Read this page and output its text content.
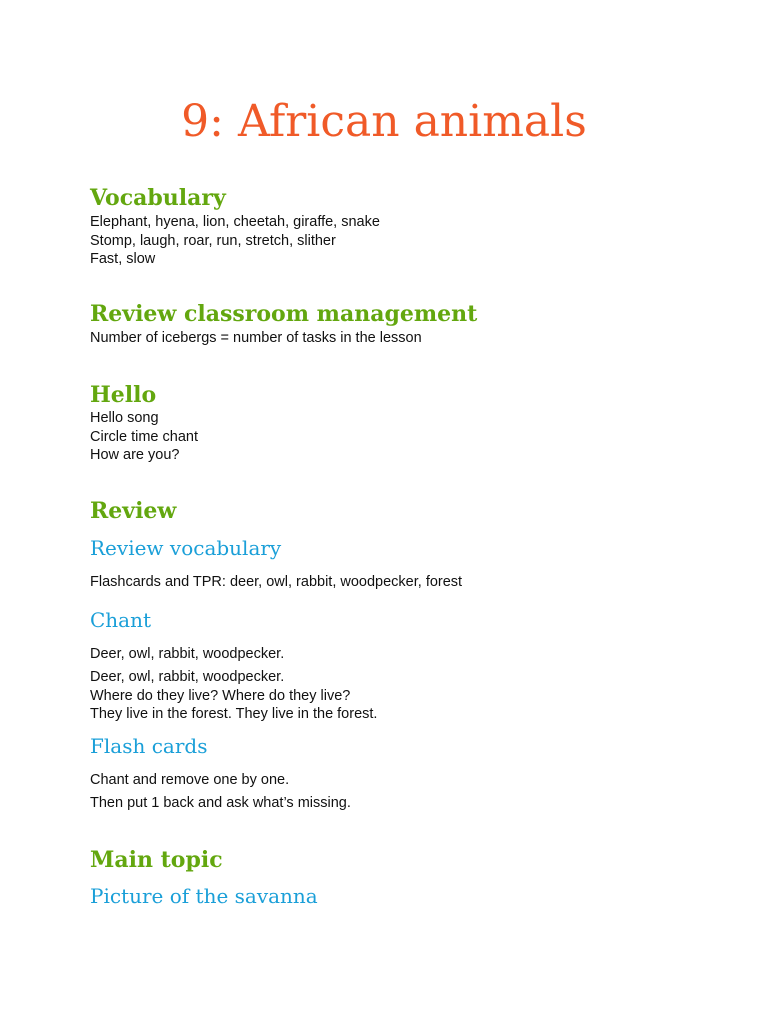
9: African animals
Vocabulary
Elephant, hyena, lion, cheetah, giraffe, snake
Stomp, laugh, roar, run, stretch, slither
Fast, slow
Review classroom management
Number of icebergs = number of tasks in the lesson
Hello
Hello song
Circle time chant
How are you?
Review
Review vocabulary
Flashcards and TPR: deer, owl, rabbit, woodpecker, forest
Chant
Deer, owl, rabbit, woodpecker.
Deer, owl, rabbit, woodpecker.
Where do they live? Where do they live?
They live in the forest. They live in the forest.
Flash cards
Chant and remove one by one.
Then put 1 back and ask what’s missing.
Main topic
Picture of the savanna
